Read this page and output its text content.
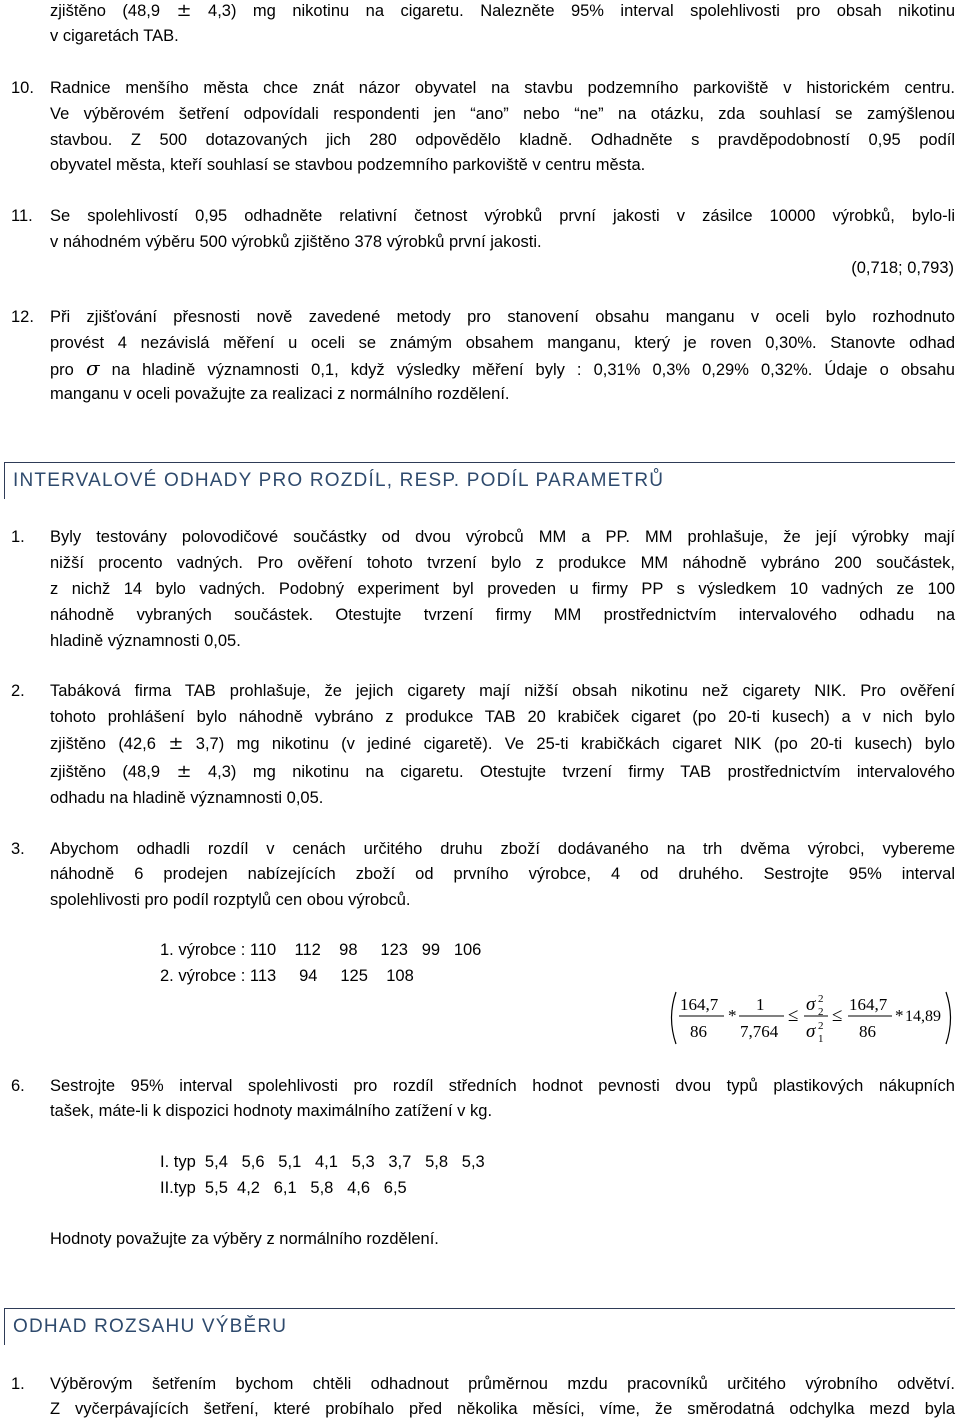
zjištěno (48,9 ± 4,3) mg nikotinu na cigaretu. Nalezněte 95% interval spolehlivosti pro obsah nikotinu
v cigaretách TAB.
10. Radnice menšího města chce znát názor obyvatel na stavbu podzemního parkoviště v historickém centru.
Ve výběrovém šetření odpovídali respondenti jen “ano” nebo “ne” na otázku, zda souhlasí se zamýšlenou
stavbou. Z 500 dotazovaných jich 280 odpovědělo kladně. Odhadněte s pravděpodobností 0,95 podíl
obyvatel města, kteří souhlasí se stavbou podzemního parkoviště v centru města.
11. Se spolehlivostí 0,95 odhadněte relativní četnost výrobků první jakosti v zásilce 10000 výrobků, bylo-li
v náhodném výběru 500 výrobků zjištěno 378 výrobků první jakosti.
(0,718; 0,793)
12. Při zjišťování přesnosti nově zavedené metody pro stanovení obsahu manganu v oceli bylo rozhodnuto
provést 4 nezávislá měření u oceli se známým obsahem manganu, který je roven 0,30%. Stanovte odhad
pro σ na hladině významnosti 0,1, když výsledky měření byly : 0,31% 0,3% 0,29% 0,32%. Údaje o obsahu
manganu v oceli považujte za realizaci z normálního rozdělení.
INTERVALOVÉ ODHADY PRO ROZDÍL, RESP. PODÍL PARAMETRŮ
1. Byly testovány polovodičové součástky od dvou výrobců MM a PP. MM prohlašuje, že její výrobky mají
nižší procento vadných. Pro ověření tohoto tvrzení bylo z produkce MM náhodně vybráno 200 součástek,
z nichž 14 bylo vadných. Podobný experiment byl proveden u firmy PP s výsledkem 10 vadných ze 100
náhodně vybraných součástek. Otestujte tvrzení firmy MM prostřednictvím intervalového odhadu na
hladině významnosti 0,05.
2. Tabáková firma TAB prohlašuje, že jejich cigarety mají nižší obsah nikotinu než cigarety NIK. Pro ověření
tohoto prohlášení bylo náhodně vybráno z produkce TAB 20 krabiček cigaret (po 20-ti kusech) a v nich bylo
zjištěno (42,6 ± 3,7) mg nikotinu (v jediné cigaretě). Ve 25-ti krabičkách cigaret NIK (po 20-ti kusech) bylo
zjištěno (48,9 ± 4,3) mg nikotinu na cigaretu. Otestujte tvrzení firmy TAB prostřednictvím intervalového
odhadu na hladině významnosti 0,05.
3. Abychom odhadli rozdíl v cenách určitého druhu zboží dodávaného na trh dvěma výrobci, vybereme
náhodně 6 prodejen nabízejících zboží od prvního výrobce, 4 od druhého. Sestrojte 95% interval
spolehlivosti pro podíl rozptylů cen obou výrobců.
1. výrobce : 110    112    98     123   99   106
2. výrobce : 113     94     125    108
164,7
86
*
1
7,764
≤
σ 2
2
σ 1
2 ≤
164,7
86
* 14,89
6. Sestrojte 95% interval spolehlivosti pro rozdíl středních hodnot pevnosti dvou typů plastikových nákupních
tašek, máte-li k dispozici hodnoty maximálního zatížení v kg.
I. typ  5,4   5,6   5,1   4,1   5,3   3,7   5,8   5,3
II.typ  5,5  4,2   6,1   5,8   4,6   6,5
Hodnoty považujte za výběry z normálního rozdělení.
ODHAD ROZSAHU VÝBĚRU
1. Výběrovým šetřením bychom chtěli odhadnout průměrnou mzdu pracovníků určitého výrobního odvětví.
Z vyčerpávajících šetření, které probíhalo před několika měsíci, víme, že směrodatná odchylka mezd byla
